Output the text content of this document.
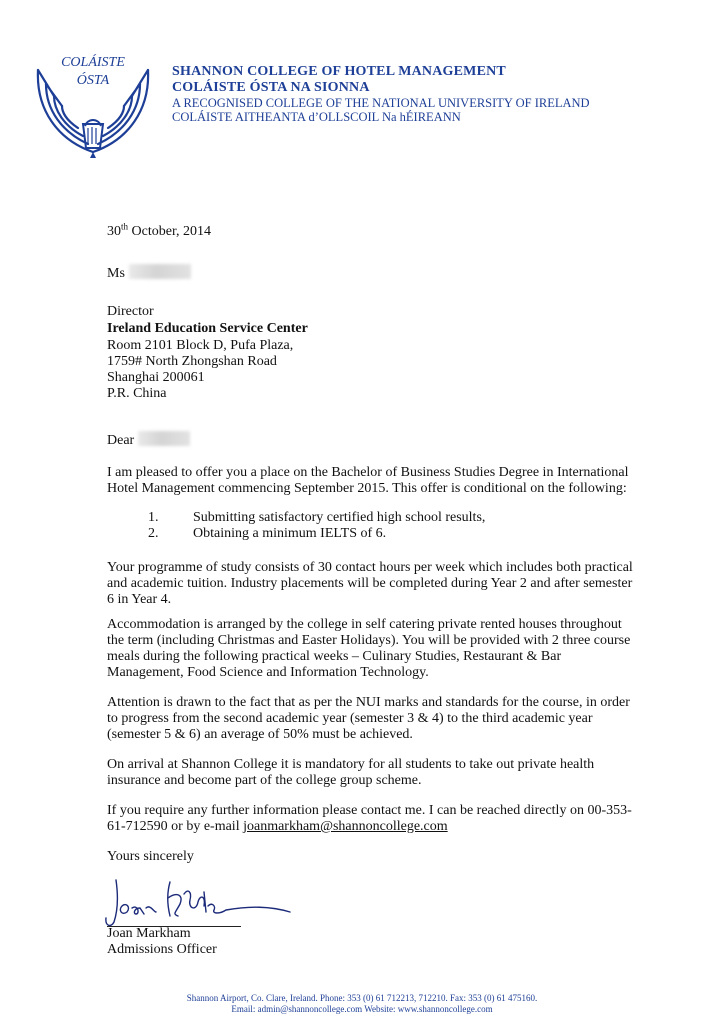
COLÁISTE
ÓSTA
SHANNON COLLEGE OF HOTEL MANAGEMENT
COLÁISTE ÓSTA NA SIONNA
A RECOGNISED COLLEGE OF THE NATIONAL UNIVERSITY OF IRELAND
COLÁISTE AITHEANTA d’OLLSCOIL Na hÉIREANN
30th October, 2014
Ms
Director
Ireland Education Service Center
Room 2101 Block D, Pufa Plaza,
1759# North Zhongshan Road
Shanghai 200061
P.R. China
Dear
I am pleased to offer you a place on the Bachelor of Business Studies Degree in International
Hotel Management commencing September 2015. This offer is conditional on the following:
1. Submitting satisfactory certified high school results,
2. Obtaining a minimum IELTS of 6.
Your programme of study consists of 30 contact hours per week which includes both practical
and academic tuition. Industry placements will be completed during Year 2 and after semester
6 in Year 4.
Accommodation is arranged by the college in self catering private rented houses throughout
the term (including Christmas and Easter Holidays). You will be provided with 2 three course
meals during the following practical weeks – Culinary Studies, Restaurant & Bar
Management, Food Science and Information Technology.
Attention is drawn to the fact that as per the NUI marks and standards for the course, in order
to progress from the second academic year (semester 3 & 4) to the third academic year
(semester 5 & 6) an average of 50% must be achieved.
On arrival at Shannon College it is mandatory for all students to take out private health
insurance and become part of the college group scheme.
If you require any further information please contact me. I can be reached directly on 00-353-
61-712590 or by e-mail joanmarkham@shannoncollege.com
Yours sincerely
Joan Markham
Admissions Officer
Shannon Airport, Co. Clare, Ireland. Phone: 353 (0) 61 712213, 712210. Fax: 353 (0) 61 475160.
Email: admin@shannoncollege.com Website: www.shannoncollege.com
